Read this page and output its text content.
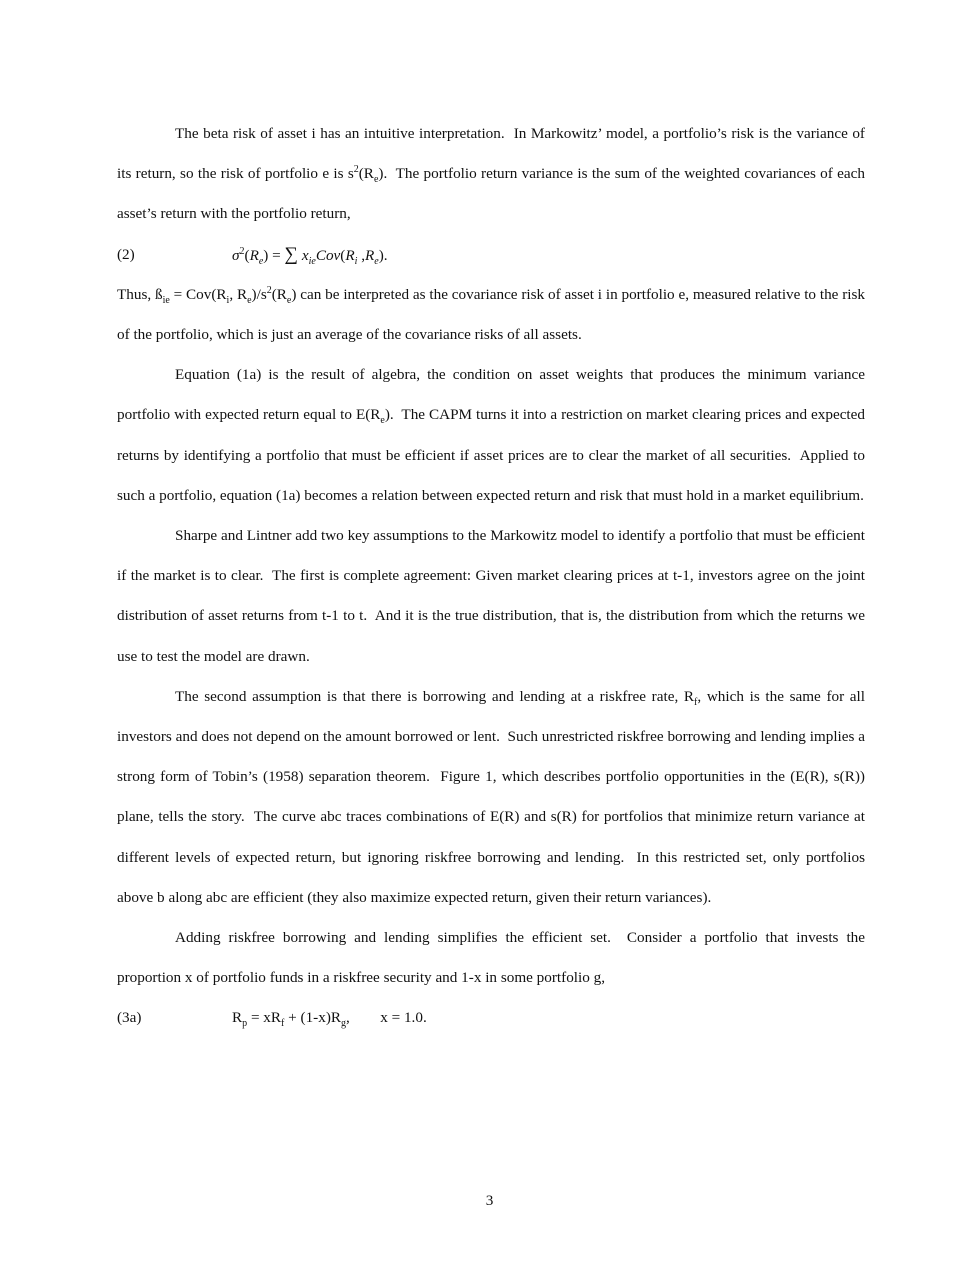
The beta risk of asset i has an intuitive interpretation.  In Markowitz’ model, a portfolio’s risk is the variance of its return, so the risk of portfolio e is $s^2(R_e)$.  The portfolio return variance is the sum of the weighted covariances of each asset’s return with the portfolio return,

(2)	$\sigma^2(R_e)$ = ∑ $x_{ie}Cov(R_i$ $,R_e$).

Thus, $ß_{ie} = Cov(R_i$, $R_e)/s^2(R_e)$ can be interpreted as the covariance risk of asset i in portfolio e, measured relative to the risk of the portfolio, which is just an average of the covariance risks of all assets.

Equation (1a) is the result of algebra, the condition on asset weights that produces the minimum variance portfolio with expected return equal to $E(R_e)$.  The CAPM turns it into a restriction on market clearing prices and expected returns by identifying a portfolio that must be efficient if asset prices are to clear the market of all securities.  Applied to such a portfolio, equation (1a) becomes a relation between expected return and risk that must hold in a market equilibrium.

Sharpe and Lintner add two key assumptions to the Markowitz model to identify a portfolio that must be efficient if the market is to clear.  The first is complete agreement: Given market clearing prices at t-1, investors agree on the joint distribution of asset returns from t-1 to t.  And it is the true distribution, that is, the distribution from which the returns we use to test the model are drawn.

The second assumption is that there is borrowing and lending at a riskfree rate, $R_f$, which is the same for all investors and does not depend on the amount borrowed or lent.  Such unrestricted riskfree borrowing and lending implies a strong form of Tobin’s (1958) separation theorem.  Figure 1, which describes portfolio opportunities in the (E(R), s(R)) plane, tells the story.  The curve abc traces combinations of E(R) and s(R) for portfolios that minimize return variance at different levels of expected return, but ignoring riskfree borrowing and lending.  In this restricted set, only portfolios above b along abc are efficient (they also maximize expected return, given their return variances).

Adding riskfree borrowing and lending simplifies the efficient set.  Consider a portfolio that invests the proportion x of portfolio funds in a riskfree security and 1-x in some portfolio g,

(3a)	$R_p = xR_f + (1-x)R_g$,        x = 1.0.
3
